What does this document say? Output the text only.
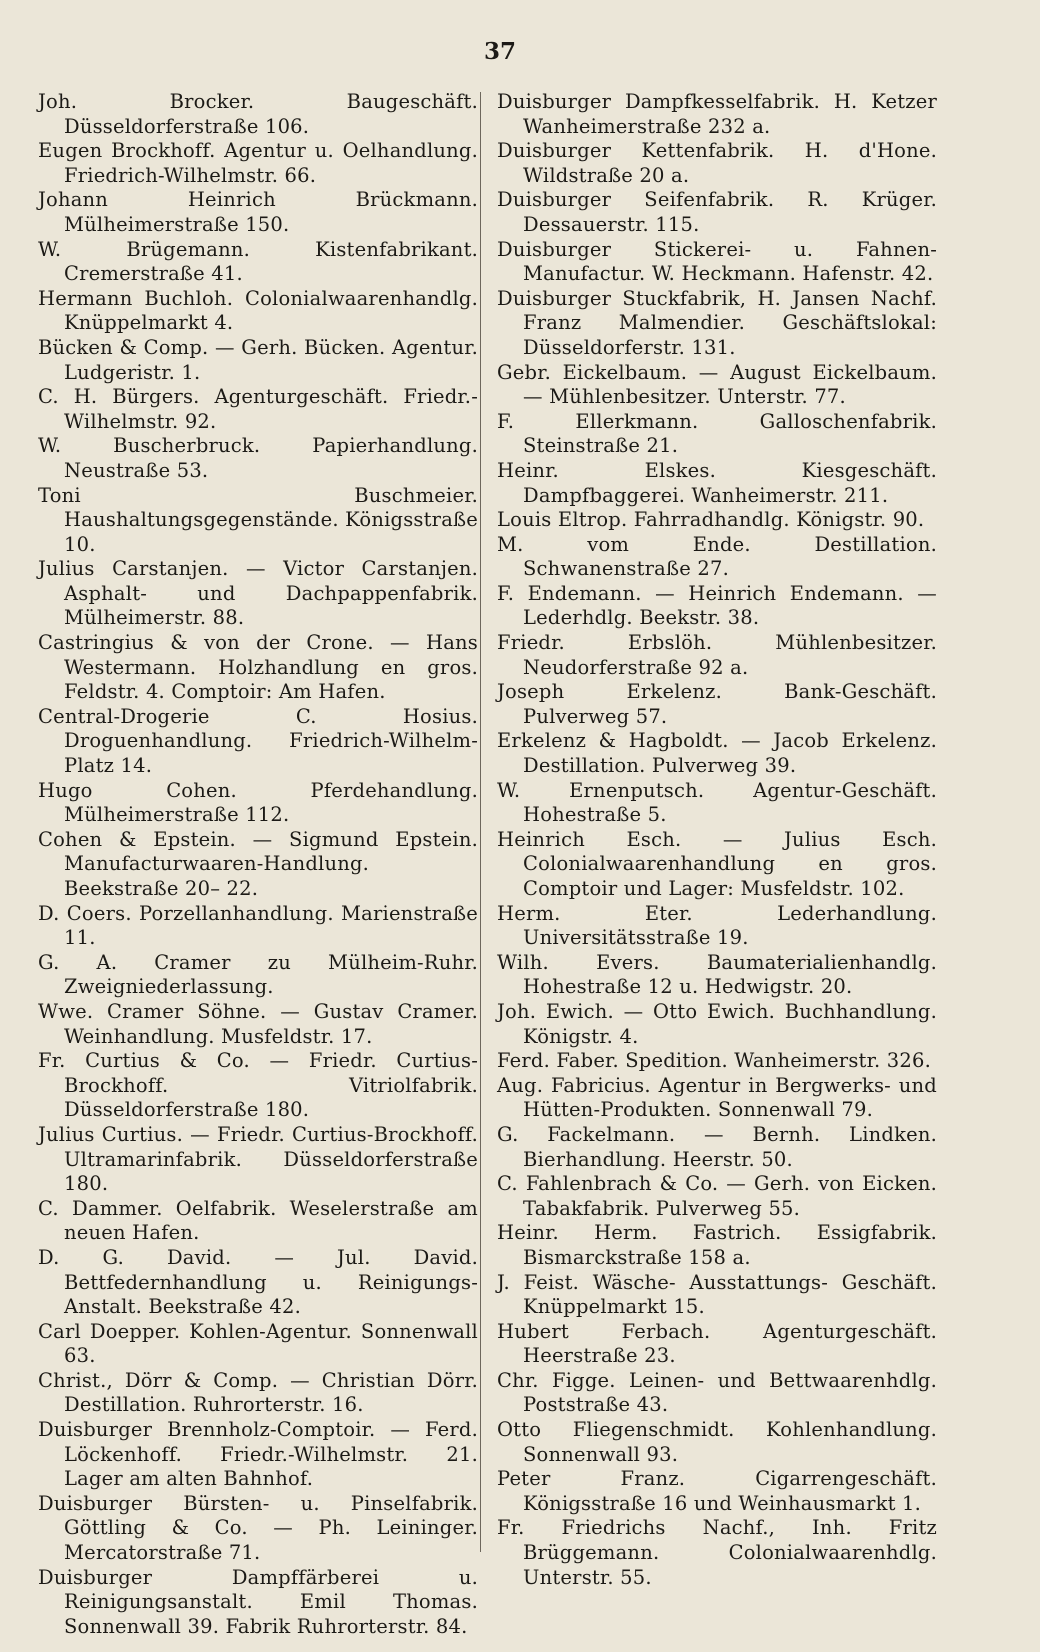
37

Joh. Brocker. Baugeschäft. Düsseldorferstraße 106.

Eugen Brockhoff. Agentur u. Oelhandlung. Friedrich-Wilhelmstr. 66.

Johann Heinrich Brückmann. Mülheimerstraße 150.

W. Brügemann. Kistenfabrikant. Cremerstraße 41.

Hermann Buchloh. Colonialwaarenhandlg. Knüppelmarkt 4.

Bücken & Comp. — Gerh. Bücken. Agentur. Ludgeristr. 1.

C. H. Bürgers. Agenturgeschäft. Friedr.-Wilhelmstr. 92.

W. Buscherbruck. Papierhandlung. Neustraße 53.

Toni Buschmeier. Haushaltungsgegenstände. Königsstraße 10.

Julius Carstanjen. — Victor Carstanjen. Asphalt- und Dachpappenfabrik. Mülheimerstr. 88.

Castringius & von der Crone. — Hans Westermann. Holzhandlung en gros. Feldstr. 4. Comptoir: Am Hafen.

Central-Drogerie C. Hosius. Droguenhandlung. Friedrich-Wilhelm-Platz 14.

Hugo Cohen. Pferdehandlung. Mülheimerstraße 112.

Cohen & Epstein. — Sigmund Epstein. Manufacturwaaren-Handlung. Beekstraße 20– 22.

D. Coers. Porzellanhandlung. Marienstraße 11.

G. A. Cramer zu Mülheim-Ruhr. Zweigniederlassung.

Wwe. Cramer Söhne. — Gustav Cramer. Weinhandlung. Musfeldstr. 17.

Fr. Curtius & Co. — Friedr. Curtius-Brockhoff. Vitriolfabrik. Düsseldorferstraße 180.

Julius Curtius. — Friedr. Curtius-Brockhoff. Ultramarinfabrik. Düsseldorferstraße 180.

C. Dammer. Oelfabrik. Weselerstraße am neuen Hafen.

D. G. David. — Jul. David. Bettfedernhandlung u. Reinigungs-Anstalt. Beekstraße 42.

Carl Doepper. Kohlen-Agentur. Sonnenwall 63.

Christ., Dörr & Comp. — Christian Dörr. Destillation. Ruhrorterstr. 16.

Duisburger Brennholz-Comptoir. — Ferd. Löckenhoff. Friedr.-Wilhelmstr. 21. Lager am alten Bahnhof.

Duisburger Bürsten- u. Pinselfabrik. Göttling & Co. — Ph. Leininger. Mercatorstraße 71.

Duisburger Dampffärberei u. Reinigungsanstalt. Emil Thomas. Sonnenwall 39. Fabrik Ruhrorterstr. 84.

Duisburger Dampfkesselfabrik. H. Ketzer Wanheimerstraße 232 a.

Duisburger Kettenfabrik. H. d'Hone. Wildstraße 20 a.

Duisburger Seifenfabrik. R. Krüger. Dessauerstr. 115.

Duisburger Stickerei- u. Fahnen-Manufactur. W. Heckmann. Hafenstr. 42.

Duisburger Stuckfabrik, H. Jansen Nachf. Franz Malmendier. Geschäftslokal: Düsseldorferstr. 131.

Gebr. Eickelbaum. — August Eickelbaum. — Mühlenbesitzer. Unterstr. 77.

F. Ellerkmann. Galloschenfabrik. Steinstraße 21.

Heinr. Elskes. Kiesgeschäft. Dampfbaggerei. Wanheimerstr. 211.

Louis Eltrop. Fahrradhandlg. Königstr. 90.

M. vom Ende. Destillation. Schwanenstraße 27.

F. Endemann. — Heinrich Endemann. — Lederhdlg. Beekstr. 38.

Friedr. Erbslöh. Mühlenbesitzer. Neudorferstraße 92 a.

Joseph Erkelenz. Bank-Geschäft. Pulverweg 57.

Erkelenz & Hagboldt. — Jacob Erkelenz. Destillation. Pulverweg 39.

W. Ernenputsch. Agentur-Geschäft. Hohestraße 5.

Heinrich Esch. — Julius Esch. Colonialwaarenhandlung en gros. Comptoir und Lager: Musfeldstr. 102.

Herm. Eter. Lederhandlung. Universitätsstraße 19.

Wilh. Evers. Baumaterialienhandlg. Hohestraße 12 u. Hedwigstr. 20.

Joh. Ewich. — Otto Ewich. Buchhandlung. Königstr. 4.

Ferd. Faber. Spedition. Wanheimerstr. 326.

Aug. Fabricius. Agentur in Bergwerks- und Hütten-Produkten. Sonnenwall 79.

G. Fackelmann. — Bernh. Lindken. Bierhandlung. Heerstr. 50.

C. Fahlenbrach & Co. — Gerh. von Eicken. Tabakfabrik. Pulverweg 55.

Heinr. Herm. Fastrich. Essigfabrik. Bismarckstraße 158 a.

J. Feist. Wäsche- Ausstattungs- Geschäft. Knüppelmarkt 15.

Hubert Ferbach. Agenturgeschäft. Heerstraße 23.

Chr. Figge. Leinen- und Bettwaarenhdlg. Poststraße 43.

Otto Fliegenschmidt. Kohlenhandlung. Sonnenwall 93.

Peter Franz. Cigarrengeschäft. Königsstraße 16 und Weinhausmarkt 1.

Fr. Friedrichs Nachf., Inh. Fritz Brüggemann. Colonialwaarenhdlg. Unterstr. 55.
